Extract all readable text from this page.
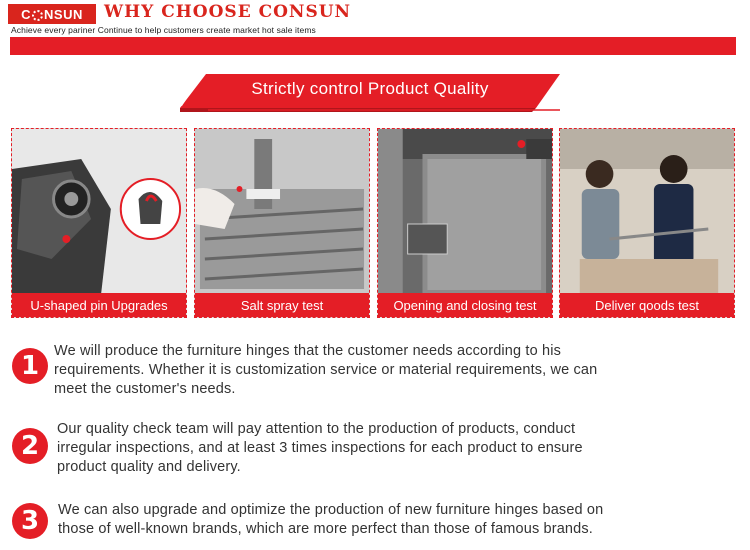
C NSUN WHY CHOOSE CONSUN
Achieve every pariner Continue to help customers create market hot sale items
Strictly control Product Quality
U-shaped pin Upgrades	Salt spray test	Opening and closing test	Deliver qoods test
1	We will produce the furniture hinges that the customer needs according to his
requirements. Whether it is customization service or material requirements, we can
meet the customer's needs.
2
Our quality check team will pay attention to the production of products, conduct
irregular inspections, and at least 3 times inspections for each product to ensure
product quality and delivery.
3	We can also upgrade and optimize the production of new furniture hinges based on
those of well-known brands, which are more perfect than those of famous brands.
